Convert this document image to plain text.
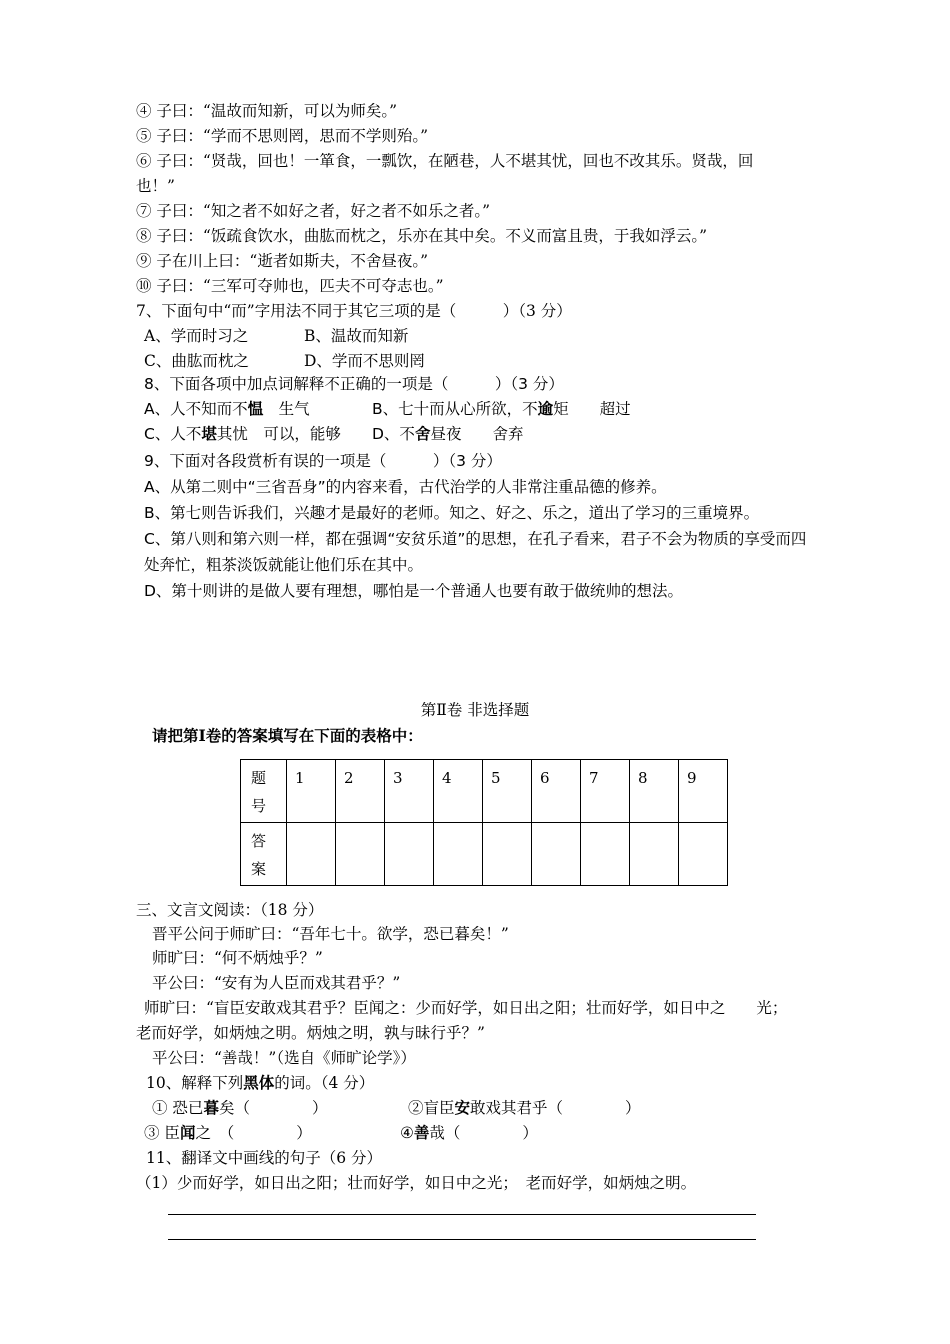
④ 子曰：“温故而知新，可以为师矣。”
⑤ 子曰：“学而不思则罔，思而不学则殆。”
⑥ 子曰：“贤哉，回也！一箪食，一瓢饮，在陋巷，人不堪其忧，回也不改其乐。贤哉，回
也！”
⑦ 子曰：“知之者不如好之者，好之者不如乐之者。”
⑧ 子曰：“饭疏食饮水，曲肱而枕之，乐亦在其中矣。不义而富且贵，于我如浮云。”
⑨ 子在川上曰：“逝者如斯夫，不舍昼夜。”
⑩ 子曰：“三军可夺帅也，匹夫不可夺志也。”
7、下面句中“而”字用法不同于其它三项的是（　　　）（3 分）
A、学而时习之	B、温故而知新
C、曲肱而枕之	D、学而不思则罔
8、下面各项中加点词解释不正确的一项是（　　　）（3 分）
A、人不知而不愠　生气	B、七十而从心所欲，不逾矩　　超过
C、人不堪其忧　可以，能够 D、不舍昼夜　　舍弃
9、下面对各段赏析有误的一项是（　　　）（3 分）
A、从第二则中“三省吾身”的内容来看，古代治学的人非常注重品德的修养。
B、第七则告诉我们，兴趣才是最好的老师。知之、好之、乐之，道出了学习的三重境界。
C、第八则和第六则一样，都在强调“安贫乐道”的思想，在孔子看来，君子不会为物质的享受而四
处奔忙，粗茶淡饭就能让他们乐在其中。
D、第十则讲的是做人要有理想，哪怕是一个普通人也要有敢于做统帅的想法。
第Ⅱ卷 非选择题
请把第Ⅰ卷的答案填写在下面的表格中：
题
号	1	2	3	4	5	6	7	8	9
答
案									
三、文言文阅读：（18 分）
晋平公问于师旷曰：“吾年七十。欲学，恐已暮矣！”
师旷曰：“何不炳烛乎？”
平公曰：“安有为人臣而戏其君乎？”
师旷曰：“盲臣安敢戏其君乎？臣闻之：少而好学，如日出之阳；壮而好学，如日中之　　光；
老而好学，如炳烛之明。炳烛之明，孰与昧行乎？”
平公曰：“善哉！”（选自《师旷论学》）
10、解释下列黑体的词。（4 分）
① 恐已暮矣（　　　　）	②盲臣安敢戏其君乎（　　　　）
③ 臣闻之　（　　　　）	④善哉（　　　　）
11、翻译文中画线的句子（6 分）
（1）少而好学，如日出之阳；壮而好学，如日中之光；　老而好学，如炳烛之明。
